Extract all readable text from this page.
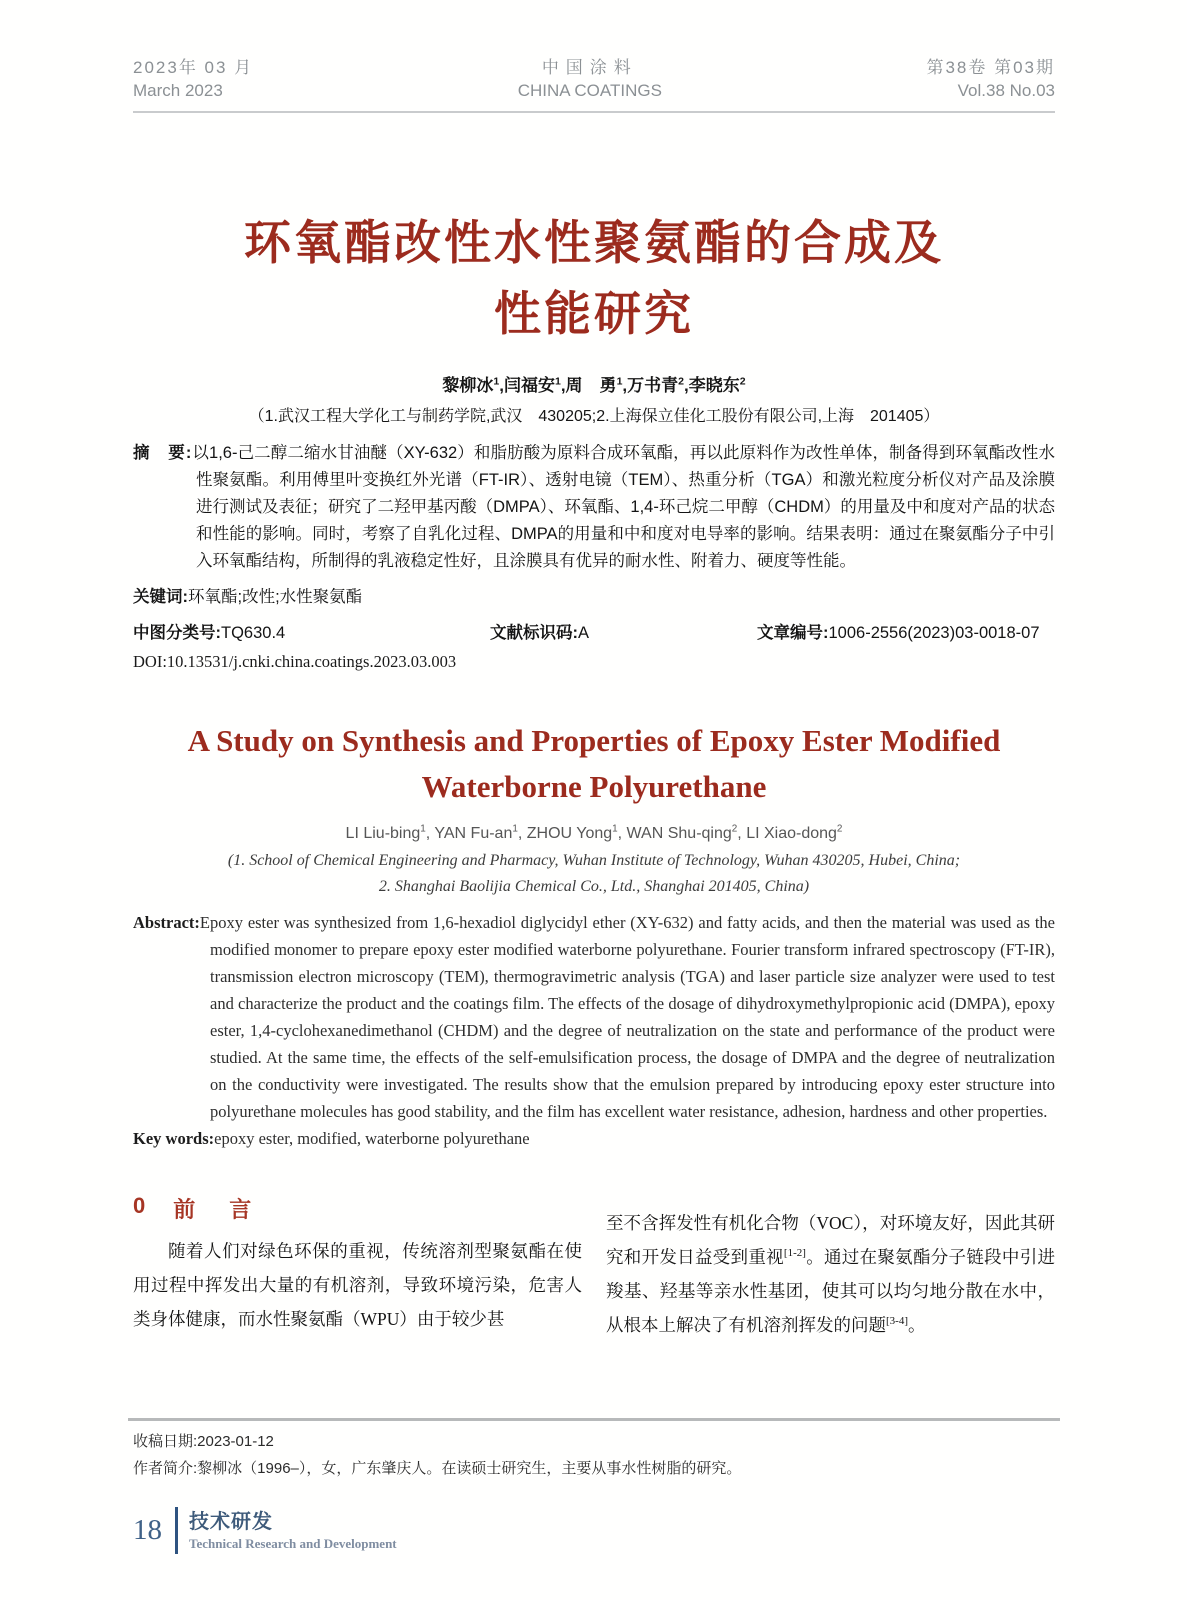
2023年 03 月
March 2023
中国涂料
CHINA COATINGS
第38卷 第03期
Vol.38 No.03
环氧酯改性水性聚氨酯的合成及
性能研究

黎柳冰$^1$,闫福安$^1$,周　勇$^1$,万书青$^2$,李晓东$^2$

（1.武汉工程大学化工与制药学院,武汉　430205;2.上海保立佳化工股份有限公司,上海　201405）

摘　要:以1,6-己二醇二缩水甘油醚（XY-632）和脂肪酸为原料合成环氧酯，再以此原料作为改性单体，制备得到环氧酯改性水性聚氨酯。利用傅里叶变换红外光谱（FT-IR）、透射电镜（TEM）、热重分析（TGA）和激光粒度分析仪对产品及涂膜进行测试及表征；研究了二羟甲基丙酸（DMPA）、环氧酯、1,4-环己烷二甲醇（CHDM）的用量及中和度对产品的状态和性能的影响。同时，考察了自乳化过程、DMPA的用量和中和度对电导率的影响。结果表明：通过在聚氨酯分子中引入环氧酯结构，所制得的乳液稳定性好，且涂膜具有优异的耐水性、附着力、硬度等性能。

关键词:环氧酯;改性;水性聚氨酯

中图分类号:TQ630.4	文献标识码:A	文章编号:1006-2556(2023)03-0018-07

DOI:10.13531/j.cnki.china.coatings.2023.03.003

A Study on Synthesis and Properties of Epoxy Ester Modified
Waterborne Polyurethane

LI Liu-bing$^1$, YAN $Fu-an^1$, ZHOU Yong$^1$, WAN Shu-qing$^2$, LI Xiao-dong$^2$

(1. School of Chemical Engineering and Pharmacy, Wuhan Institute of Technology, Wuhan 430205, Hubei, China;
2. Shanghai Baolijia Chemical Co., Ltd., Shanghai 201405, China)

Abstract:Epoxy ester was synthesized from 1,6-hexadiol diglycidyl ether (XY-632) and fatty acids, and then the material was used as the modified monomer to prepare epoxy ester modified waterborne polyurethane. Fourier transform infrared spectroscopy (FT-IR), transmission electron microscopy (TEM), thermogravimetric analysis (TGA) and laser particle size analyzer were used to test and characterize the product and the coatings film. The effects of the dosage of dihydroxymethylpropionic acid (DMPA), epoxy ester, 1,4-cyclohexanedimethanol (CHDM) and the degree of neutralization on the state and performance of the product were studied. At the same time, the effects of the self-emulsification process, the dosage of DMPA and the degree of neutralization on the conductivity were investigated. The results show that the emulsion prepared by introducing epoxy ester structure into polyurethane molecules has good stability, and the film has excellent water resistance, adhesion, hardness and other properties.

Key words:epoxy ester, modified, waterborne polyurethane

0 前　言

随着人们对绿色环保的重视，传统溶剂型聚氨酯在使用过程中挥发出大量的有机溶剂，导致环境污染，危害人类身体健康，而水性聚氨酯（WPU）由于较少甚

至不含挥发性有机化合物（VOC），对环境友好，因此其研究和开发日益受到重视[1-2]。通过在聚氨酯分子链段中引进羧基、羟基等亲水性基团，使其可以均匀地分散在水中，从根本上解决了有机溶剂挥发的问题[3-4]。

收稿日期:2023-01-12
作者简介:黎柳冰（1996–），女，广东肇庆人。在读硕士研究生，主要从事水性树脂的研究。
18 技术研发
Technical Research and Development
